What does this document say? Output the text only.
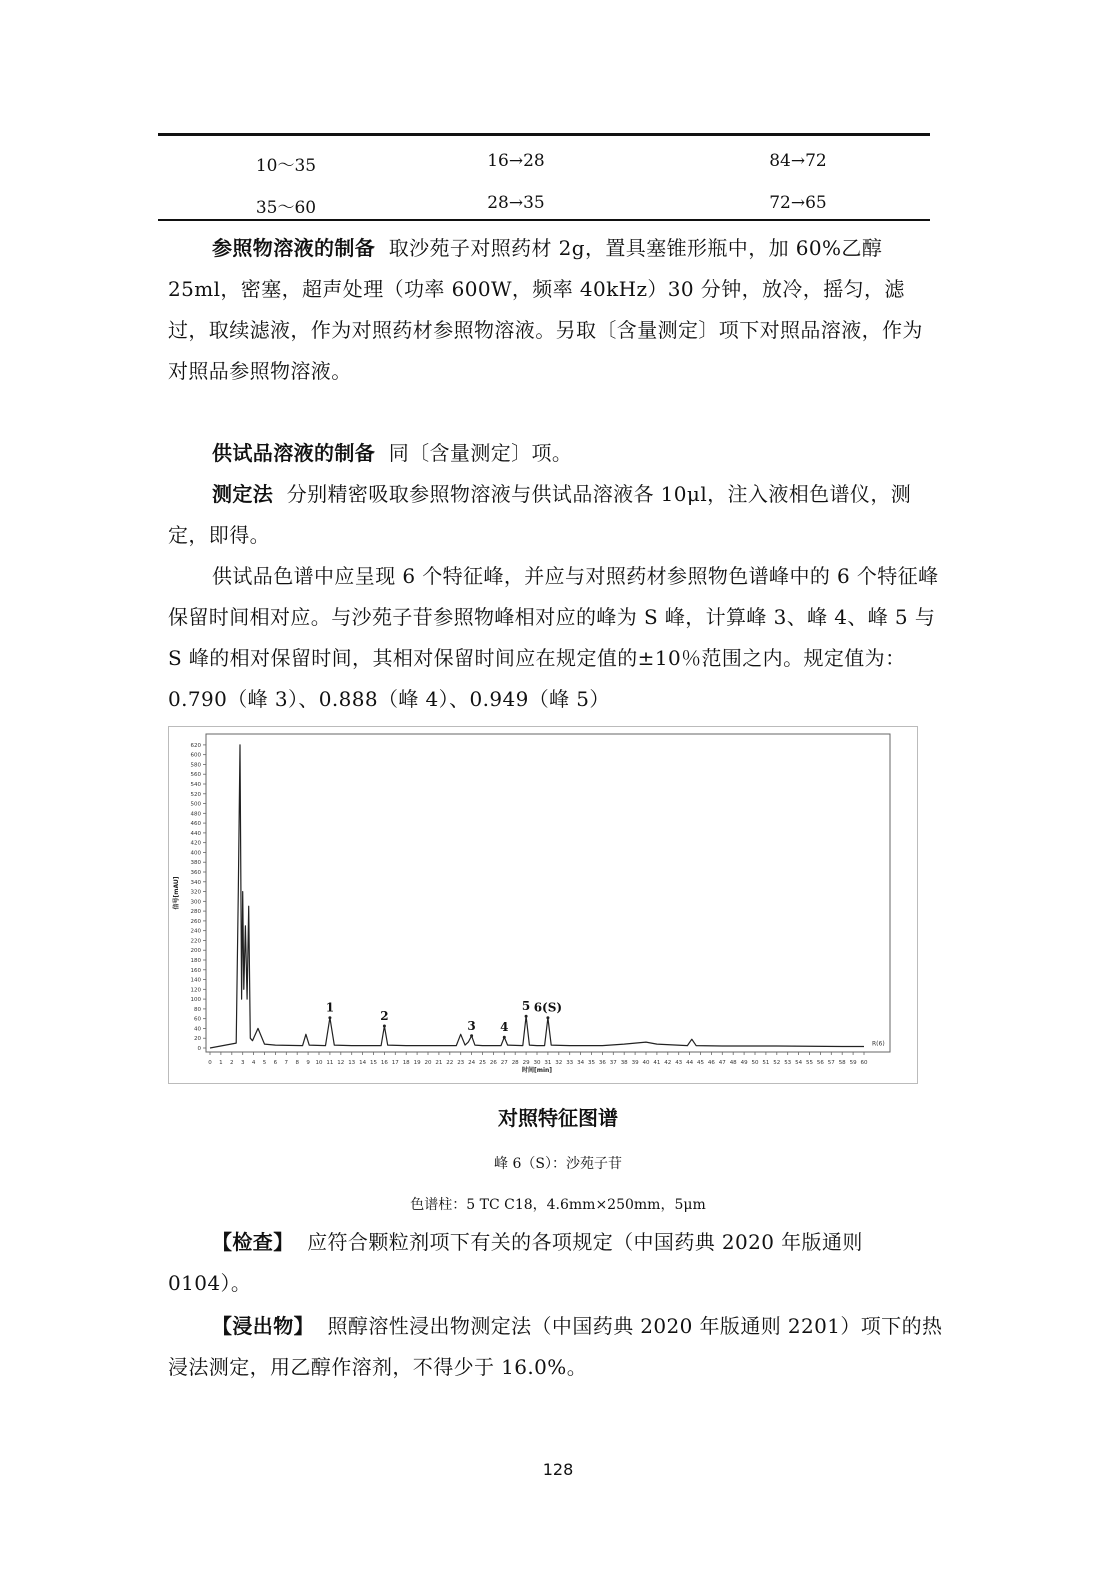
10～35	16→28	84→72
35～60	28→35	72→65
参照物溶液的制备 取沙苑子对照药材 2g，置具塞锥形瓶中，加 60%乙醇 25ml，密塞，超声处理（功率 600W，频率 40kHz）30 分钟，放冷，摇匀，滤过，取续滤液，作为对照药材参照物溶液。另取〔含量测定〕项下对照品溶液，作为对照品参照物溶液。
供试品溶液的制备 同〔含量测定〕项。
测定法 分别精密吸取参照物溶液与供试品溶液各 10μl，注入液相色谱仪，测定，即得。
供试品色谱中应呈现 6 个特征峰，并应与对照药材参照物色谱峰中的 6 个特征峰保留时间相对应。与沙苑子苷参照物峰相对应的峰为 S 峰，计算峰 3、峰 4、峰 5 与 S 峰的相对保留时间，其相对保留时间应在规定值的±10％范围之内。规定值为：0.790（峰 3）、0.888（峰 4）、0.949（峰 5）
0
20
40
60
80
100
120
140
160
180
200
220
240
260
280
300
320
340
360
380
400
420
440
460
480
500
520
540
560
580
600
620
0 1 2 3 4 5 6 7 8 9 10 11 12 13 14 15 16 17 18 19 20 21 22 23 24 25 26 27 28 29 30 31 32 33 34 35 36 37 38 39 40 41 42 43 44 45 46 47 48 49 50 51 52 53 54 55 56 57 58 59 60
时间[min]
信号[mAU]
1
2
3 4
5 6(S)
R(6)
对照特征图谱
峰 6（S）：沙苑子苷
色谱柱：5 TC C18，4.6mm×250mm，5μm
【检查】 应符合颗粒剂项下有关的各项规定（中国药典 2020 年版通则 0104）。
【浸出物】 照醇溶性浸出物测定法（中国药典 2020 年版通则 2201）项下的热浸法测定，用乙醇作溶剂，不得少于 16.0%。
128
